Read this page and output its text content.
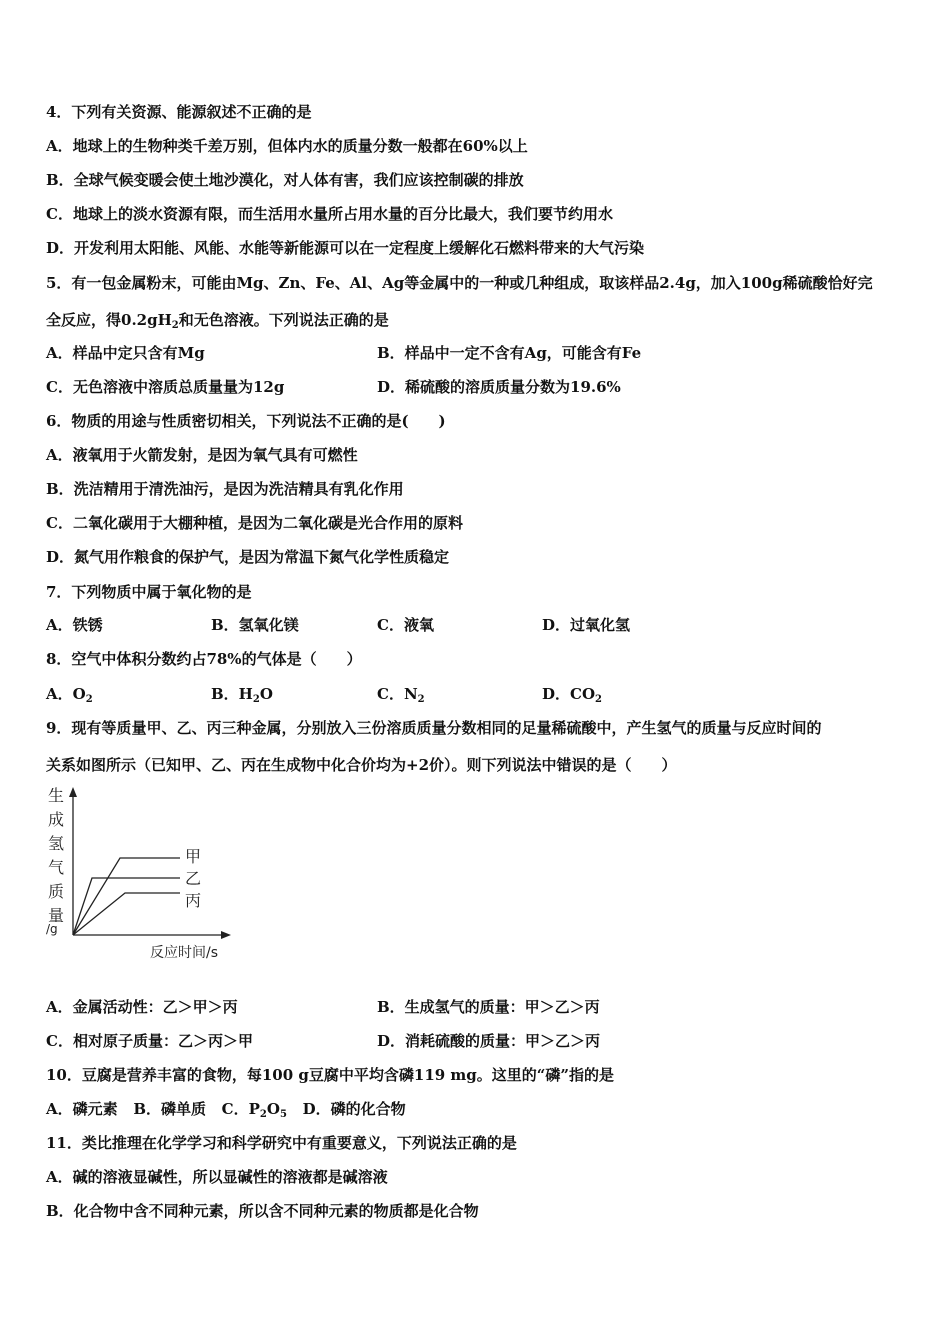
4．下列有关资源、能源叙述不正确的是
A．地球上的生物种类千差万别，但体内水的质量分数一般都在60%以上
B．全球气候变暖会使土地沙漠化，对人体有害，我们应该控制碳的排放
C．地球上的淡水资源有限，而生活用水量所占用水量的百分比最大，我们要节约用水
D．开发利用太阳能、风能、水能等新能源可以在一定程度上缓解化石燃料带来的大气污染
5．有一包金属粉末，可能由Mg、Zn、Fe、Al、Ag等金属中的一种或几种组成，取该样品2.4g，加入100g稀硫酸恰好完
全反应，得$0.2gH_2$和无色溶液。下列说法正确的是
A．样品中定只含有Mg	B．样品中一定不含有Ag，可能含有Fe
C．无色溶液中溶质总质量量为12g	D．稀硫酸的溶质质量分数为19.6%
6．物质的用途与性质密切相关，下列说法不正确的是(　　)
A．液氧用于火箭发射，是因为氧气具有可燃性
B．洗洁精用于清洗油污，是因为洗洁精具有乳化作用
C．二氧化碳用于大棚种植，是因为二氧化碳是光合作用的原料
D．氮气用作粮食的保护气，是因为常温下氮气化学性质稳定
7．下列物质中属于氧化物的是
A．铁锈	B．氢氧化镁	C．液氧	D．过氧化氢
8．空气中体积分数约占78%的气体是（　　）
A．$O_2$	B．$H_2O$	C．$N_2$	D．$CO_2$
9．现有等质量甲、乙、丙三种金属，分别放入三份溶质质量分数相同的足量稀硫酸中，产生氢气的质量与反应时间的
关系如图所示（已知甲、乙、丙在生成物中化合价均为+2价）。则下列说法中错误的是（　　）
生
成
氢
气
质
量
/g
甲
乙
丙
反应时间/s
A．金属活动性：乙＞甲＞丙	B．生成氢气的质量：甲＞乙＞丙
C．相对原子质量：乙＞丙＞甲	D．消耗硫酸的质量：甲＞乙＞丙
10．豆腐是营养丰富的食物，每100 g豆腐中平均含磷119 mg。这里的“磷”指的是
A．磷元素 B．磷单质 C．$P_2O_5$ D．磷的化合物
11．类比推理在化学学习和科学研究中有重要意义，下列说法正确的是
A．碱的溶液显碱性，所以显碱性的溶液都是碱溶液
B．化合物中含不同种元素，所以含不同种元素的物质都是化合物
